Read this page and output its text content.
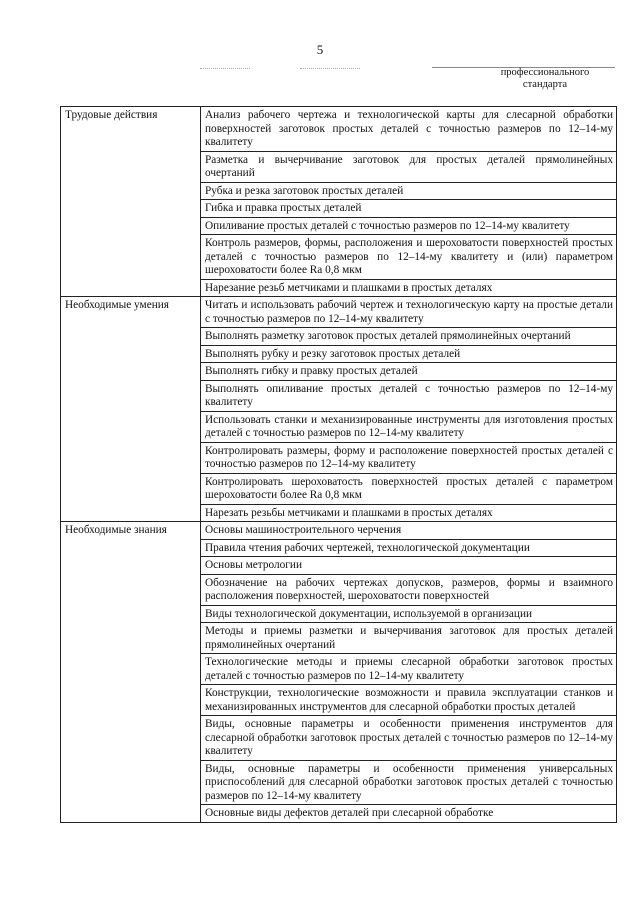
5
профессионального
стандарта
Трудовые действия	Анализ рабочего чертежа и технологической карты для слесарной обработки поверхностей заготовок простых деталей с точностью размеров по 12–14-му квалитету
	Разметка и вычерчивание заготовок для простых деталей прямолинейных очертаний
	Рубка и резка заготовок простых деталей
	Гибка и правка простых деталей
	Опиливание простых деталей с точностью размеров по 12–14-му квалитету
	Контроль размеров, формы, расположения и шероховатости поверхностей простых деталей с точностью размеров по 12–14-му квалитету и (или) параметром шероховатости более Ra 0,8 мкм
	Нарезание резьб метчиками и плашками в простых деталях
Необходимые умения	Читать и использовать рабочий чертеж и технологическую карту на простые детали с точностью размеров по 12–14-му квалитету
	Выполнять разметку заготовок простых деталей прямолинейных очертаний
	Выполнять рубку и резку заготовок простых деталей
	Выполнять гибку и правку простых деталей
	Выполнять опиливание простых деталей с точностью размеров по 12–14-му квалитету
	Использовать станки и механизированные инструменты для изготовления простых деталей с точностью размеров по 12–14-му квалитету
	Контролировать размеры, форму и расположение поверхностей простых деталей с точностью размеров по 12–14-му квалитету
	Контролировать шероховатость поверхностей простых деталей с параметром шероховатости более Ra 0,8 мкм
	Нарезать резьбы метчиками и плашками в простых деталях
Необходимые знания	Основы машиностроительного черчения
	Правила чтения рабочих чертежей, технологической документации
	Основы метрологии
	Обозначение на рабочих чертежах допусков, размеров, формы и взаимного расположения поверхностей, шероховатости поверхностей
	Виды технологической документации, используемой в организации
	Методы и приемы разметки и вычерчивания заготовок для простых деталей прямолинейных очертаний
	Технологические методы и приемы слесарной обработки заготовок простых деталей с точностью размеров по 12–14-му квалитету
	Конструкции, технологические возможности и правила эксплуатации станков и механизированных инструментов для слесарной обработки простых деталей
	Виды, основные параметры и особенности применения инструментов для слесарной обработки заготовок простых деталей с точностью размеров по 12–14-му квалитету
	Виды, основные параметры и особенности применения универсальных приспособлений для слесарной обработки заготовок простых деталей с точностью размеров по 12–14-му квалитету
	Основные виды дефектов деталей при слесарной обработке
